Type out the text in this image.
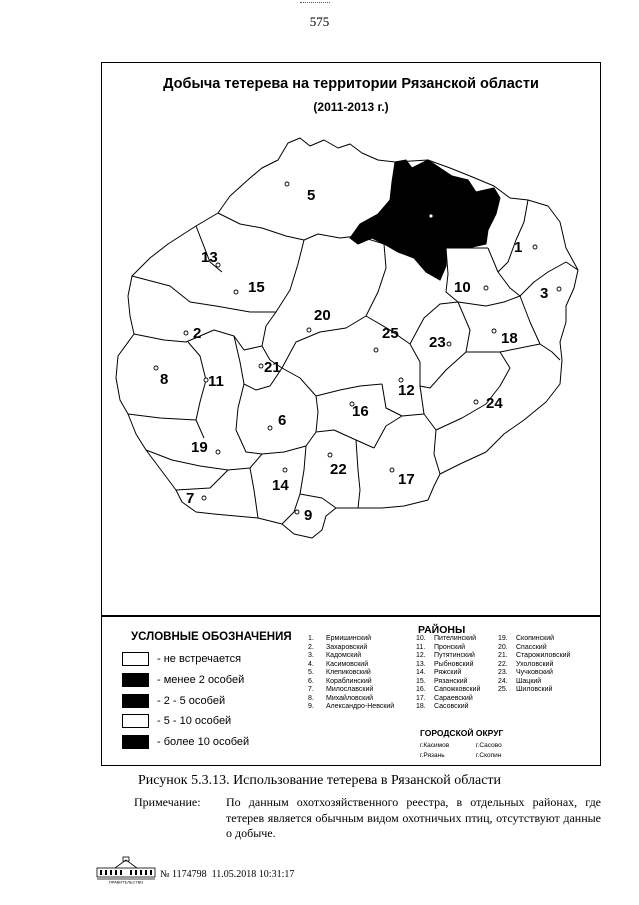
575
Добыча тетерева на территории Рязанской области
(2011-2013 г.)
5
1
3
13
15	10
20
2	18
23
25
21
8	11
12
24
16
6
19
22
17
14
7
9
УСЛОВНЫЕ ОБОЗНАЧЕНИЯ
- не встречается
- менее 2 особей
- 2 - 5 особей
- 5 - 10 особей
- более 10 особей
РАЙОНЫ
1. Ермишинский
2. Захаровский
3. Кадомский
4. Касимовский
5. Клепиковский
6. Кораблинский
7. Милославский
8. Михайловский
9. Александро-Невский
10. Пителинский
11. Пронский
12. Путятинский
13. Рыбновский
14. Ряжский
15. Рязанский
16. Сапожковский
17. Сараевский
18. Сасовский
19. Скопинский
20. Спасский
21. Старожиловский
22. Ухоловский
23. Чучковский
24. Шацкий
25. Шиловский
ГОРОДСКОЙ ОКРУГ
г.Касимов	г.Сасово
г.Рязань	г.Скопин
Рисунок 5.3.13. Использование тетерева в Рязанской области
Примечание: По данным охотхозяйственного реестра, в отдельных районах, где тетерев является обычным видом охотничьих птиц, отсутствуют данные о добыче.
ПРАВИТЕЛЬСТВО
№ 1174798 11.05.2018 10:31:17
